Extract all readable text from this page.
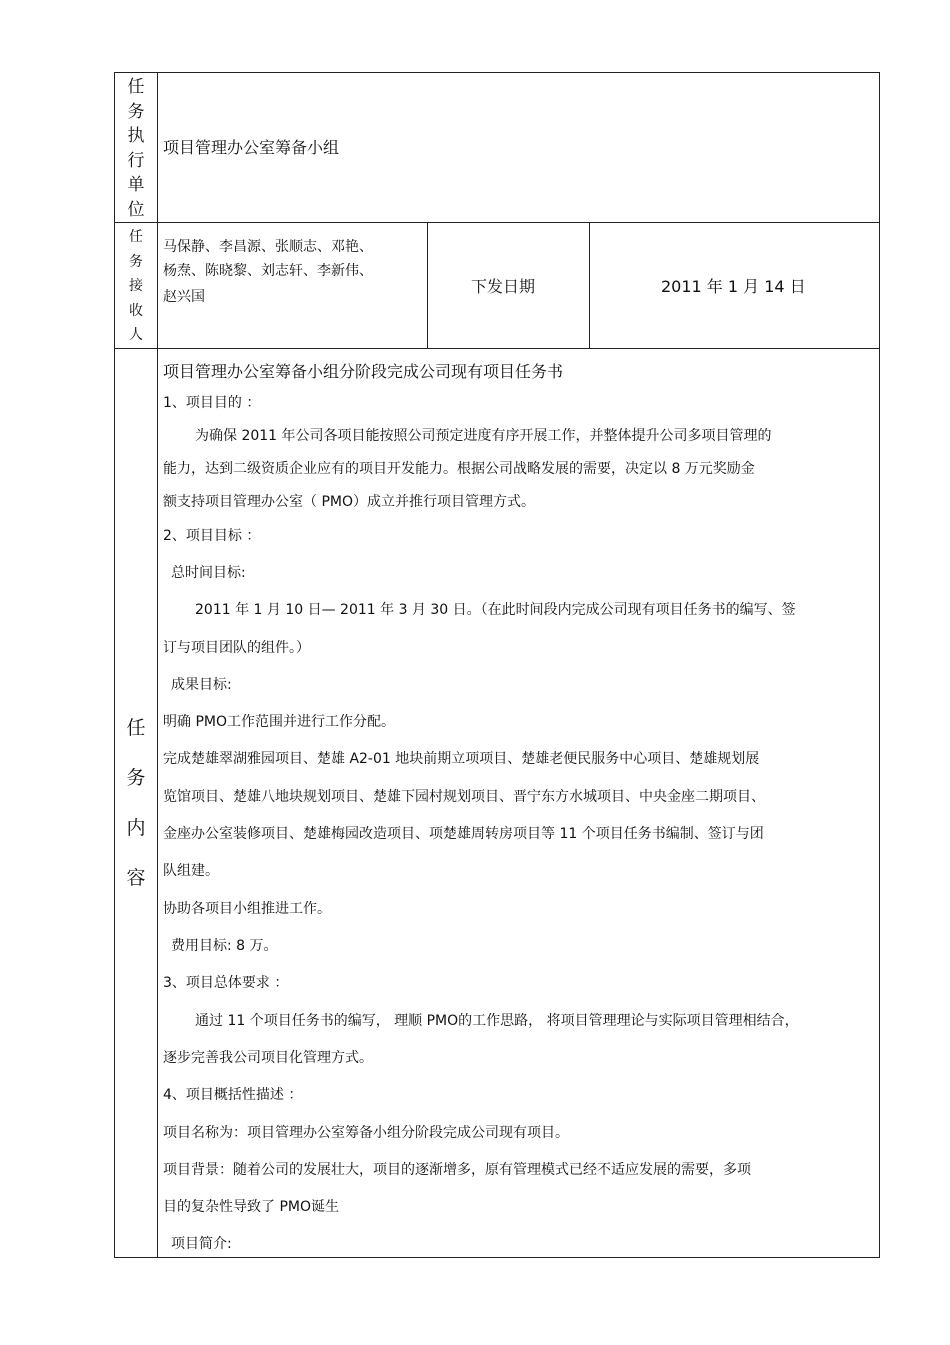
任
务
执
行
单
位
项目管理办公室筹备小组
任
务
接
收
人
马保静、李昌源、张顺志、邓艳、
杨焘、陈晓黎、刘志轩、李新伟、
赵兴国
下发日期	2011 年 1 月 14 日
任
务
内
容
项目管理办公室筹备小组分阶段完成公司现有项目任务书
1、项目目的 ：
为确保 2011 年公司各项目能按照公司预定进度有序开展工作，并整体提升公司多项目管理的
能力，达到二级资质企业应有的项目开发能力。根据公司战略发展的需要，决定以 8 万元奖励金
额支持项目管理办公室（ PMO）成立并推行项目管理方式。
2、项目目标 ：
总时间目标:
2011 年 1 月 10 日— 2011 年 3 月 30 日。（在此时间段内完成公司现有项目任务书的编写、签
订与项目团队的组件。）
成果目标:
明确 PMO工作范围并进行工作分配。
完成楚雄翠湖雅园项目、楚雄 A2-01 地块前期立项项目、楚雄老便民服务中心项目、楚雄规划展
览馆项目、楚雄八地块规划项目、楚雄下园村规划项目、晋宁东方水城项目、中央金座二期项目、
金座办公室装修项目、楚雄梅园改造项目、项楚雄周转房项目等 11 个项目任务书编制、签订与团
队组建。
协助各项目小组推进工作。
费用目标: 8 万。
3、项目总体要求 ：
通过 11 个项目任务书的编写， 理顺 PMO的工作思路， 将项目管理理论与实际项目管理相结合，
逐步完善我公司项目化管理方式。
4、项目概括性描述 ：
项目名称为：项目管理办公室筹备小组分阶段完成公司现有项目。
项目背景：随着公司的发展壮大，项目的逐渐增多，原有管理模式已经不适应发展的需要，多项
目的复杂性导致了 PMO诞生
项目简介:
